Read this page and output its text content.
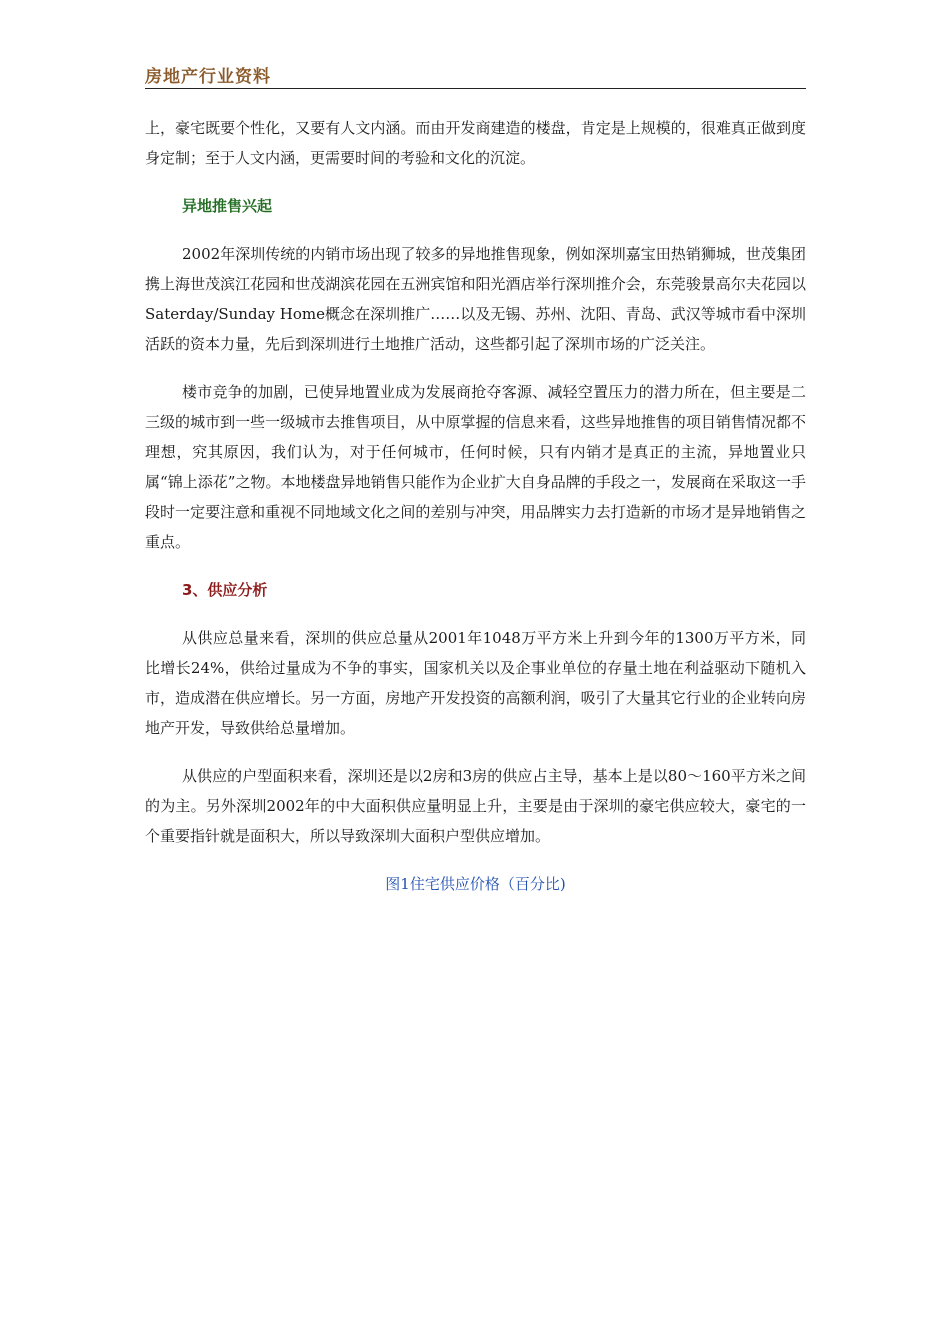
房地产行业资料

上，豪宅既要个性化，又要有人文内涵。而由开发商建造的楼盘，肯定是上规模的，很难真正做到度身定制；至于人文内涵，更需要时间的考验和文化的沉淀。

异地推售兴起

2002年深圳传统的内销市场出现了较多的异地推售现象，例如深圳嘉宝田热销狮城，世茂集团携上海世茂滨江花园和世茂湖滨花园在五洲宾馆和阳光酒店举行深圳推介会，东莞骏景高尔夫花园以Saterday/Sunday Home概念在深圳推广……以及无锡、苏州、沈阳、青岛、武汉等城市看中深圳活跃的资本力量，先后到深圳进行土地推广活动，这些都引起了深圳市场的广泛关注。

楼市竞争的加剧，已使异地置业成为发展商抢夺客源、减轻空置压力的潜力所在，但主要是二三级的城市到一些一级城市去推售项目，从中原掌握的信息来看，这些异地推售的项目销售情况都不理想，究其原因，我们认为，对于任何城市，任何时候，只有内销才是真正的主流，异地置业只属“锦上添花”之物。本地楼盘异地销售只能作为企业扩大自身品牌的手段之一，发展商在采取这一手段时一定要注意和重视不同地域文化之间的差别与冲突，用品牌实力去打造新的市场才是异地销售之重点。

3、供应分析

从供应总量来看，深圳的供应总量从2001年1048万平方米上升到今年的1300万平方米，同比增长24%，供给过量成为不争的事实，国家机关以及企事业单位的存量土地在利益驱动下随机入市，造成潜在供应增长。另一方面，房地产开发投资的高额利润，吸引了大量其它行业的企业转向房地产开发，导致供给总量增加。

从供应的户型面积来看，深圳还是以2房和3房的供应占主导，基本上是以80～160平方米之间的为主。另外深圳2002年的中大面积供应量明显上升，主要是由于深圳的豪宅供应较大，豪宅的一个重要指针就是面积大，所以导致深圳大面积户型供应增加。

图1住宅供应价格（百分比)
